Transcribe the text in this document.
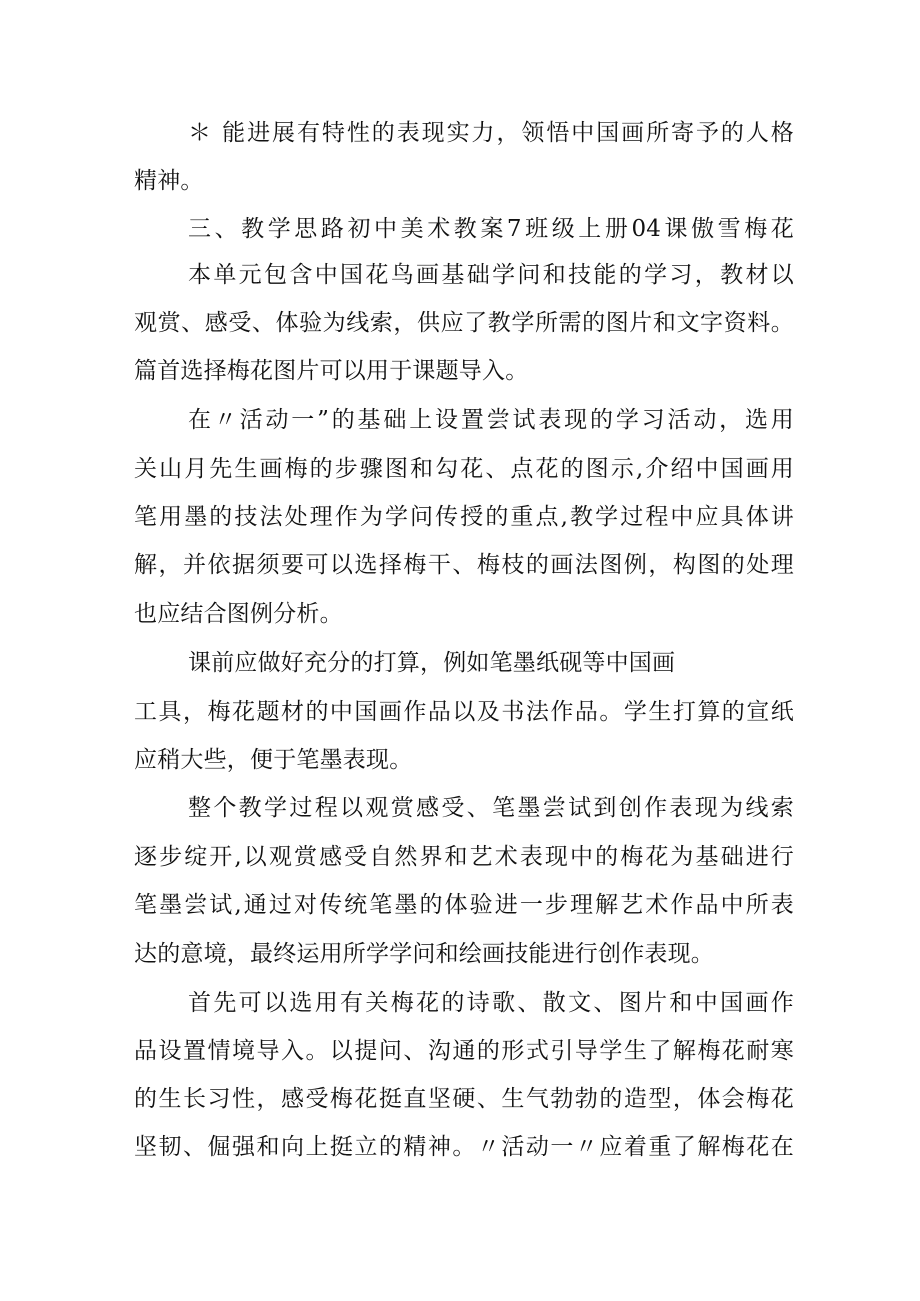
＊ 能进展有特性的表现实力，领悟中国画所寄予的人格
精神。
三、教学思路初中美术教案7班级上册04课傲雪梅花
本单元包含中国花鸟画基础学问和技能的学习，教材以
观赏、感受、体验为线索，供应了教学所需的图片和文字资料。
篇首选择梅花图片可以用于课题导入。
在〃活动一”的基础上设置尝试表现的学习活动，选用
关山月先生画梅的步骤图和勾花、点花的图示,介绍中国画用
笔用墨的技法处理作为学问传授的重点,教学过程中应具体讲
解，并依据须要可以选择梅干、梅枝的画法图例，构图的处理
也应结合图例分析。
课前应做好充分的打算，例如笔墨纸砚等中国画
工具，梅花题材的中国画作品以及书法作品。学生打算的宣纸
应稍大些，便于笔墨表现。
整个教学过程以观赏感受、笔墨尝试到创作表现为线索
逐步绽开,以观赏感受自然界和艺术表现中的梅花为基础进行
笔墨尝试,通过对传统笔墨的体验进一步理解艺术作品中所表
达的意境，最终运用所学学问和绘画技能进行创作表现。
首先可以选用有关梅花的诗歌、散文、图片和中国画作
品设置情境导入。以提问、沟通的形式引导学生了解梅花耐寒
的生长习性，感受梅花挺直坚硬、生气勃勃的造型，体会梅花
坚韧、倔强和向上挺立的精神。〃活动一〃应着重了解梅花在
